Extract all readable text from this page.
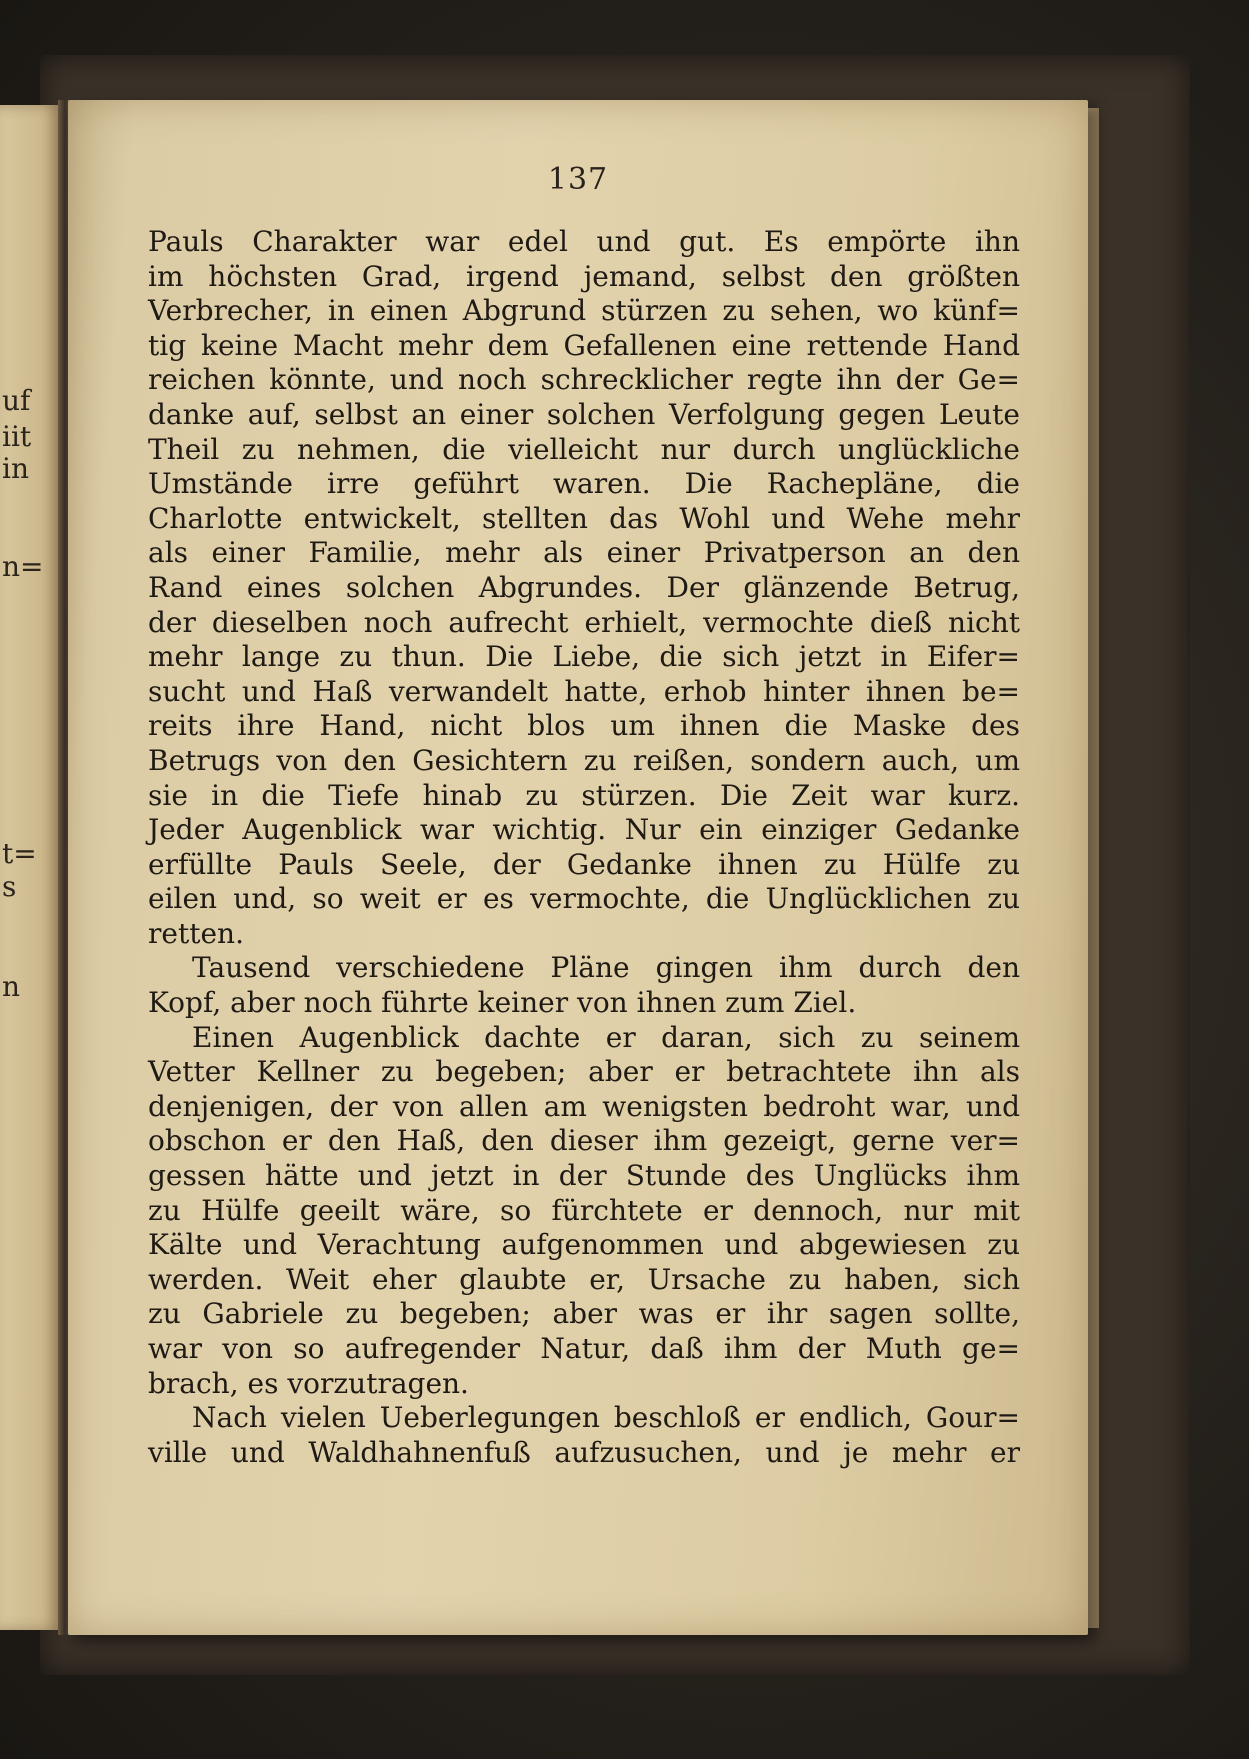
uf
iit
in
n=
t=
s
n
137
Pauls Charakter war edel und gut. Es empörte ihn
im höchsten Grad, irgend jemand, selbst den größten
Verbrecher, in einen Abgrund stürzen zu sehen, wo künf=
tig keine Macht mehr dem Gefallenen eine rettende Hand
reichen könnte, und noch schrecklicher regte ihn der Ge=
danke auf, selbst an einer solchen Verfolgung gegen Leute
Theil zu nehmen, die vielleicht nur durch unglückliche
Umstände irre geführt waren. Die Racheplänе, die
Charlotte entwickelt, stellten das Wohl und Wehe mehr
als einer Familie, mehr als einer Privatperson an den
Rand eines solchen Abgrundes. Der glänzende Betrug,
der dieselben noch aufrecht erhielt, vermochte dieß nicht
mehr lange zu thun. Die Liebe, die sich jetzt in Eifer=
sucht und Haß verwandelt hatte, erhob hinter ihnen be=
reits ihre Hand, nicht blos um ihnen die Maske des
Betrugs von den Gesichtern zu reißen, sondern auch, um
sie in die Tiefe hinab zu stürzen. Die Zeit war kurz.
Jeder Augenblick war wichtig. Nur ein einziger Gedanke
erfüllte Pauls Seele, der Gedanke ihnen zu Hülfe zu
eilen und, so weit er es vermochte, die Unglücklichen zu
retten.
Tausend verschiedene Pläne gingen ihm durch den
Kopf, aber noch führte keiner von ihnen zum Ziel.
Einen Augenblick dachte er daran, sich zu seinem
Vetter Kellner zu begeben; aber er betrachtete ihn als
denjenigen, der von allen am wenigsten bedroht war, und
obschon er den Haß, den dieser ihm gezeigt, gerne ver=
gessen hätte und jetzt in der Stunde des Unglücks ihm
zu Hülfe geeilt wäre, so fürchtete er dennoch, nur mit
Kälte und Verachtung aufgenommen und abgewiesen zu
werden. Weit eher glaubte er, Ursache zu haben, sich
zu Gabriele zu begeben; aber was er ihr sagen sollte,
war von so aufregender Natur, daß ihm der Muth ge=
brach, es vorzutragen.
Nach vielen Ueberlegungen beschloß er endlich, Gour=
ville und Waldhahnenfuß aufzusuchen, und je mehr er
